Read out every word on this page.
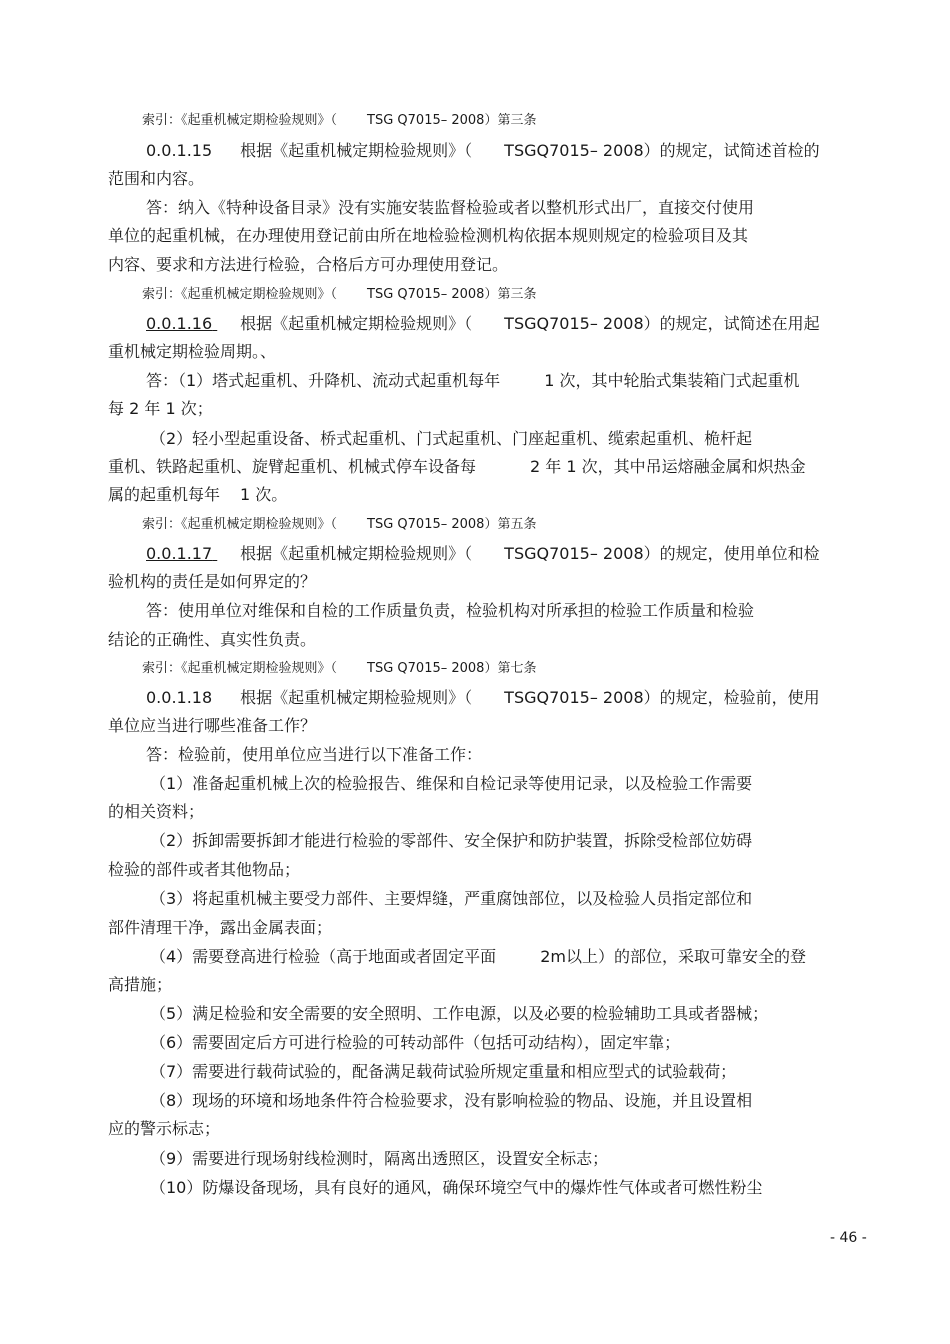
索引：《起重机械定期检验规则》（ TSG Q7015– 2008）第三条
0.0.1.15 根据《起重机械定期检验规则》（ TSGQ7015– 2008）的规定，试简述首检的
范围和内容。
答：纳入《特种设备目录》没有实施安装监督检验或者以整机形式出厂，直接交付使用
单位的起重机械，在办理使用登记前由所在地检验检测机构依据本规则规定的检验项目及其
内容、要求和方法进行检验，合格后方可办理使用登记。
索引：《起重机械定期检验规则》（ TSG Q7015– 2008）第三条
0.0.1.16 根据《起重机械定期检验规则》（ TSGQ7015– 2008）的规定，试简述在用起
重机械定期检验周期。、
答：（1）塔式起重机、升降机、流动式起重机每年	1 次，其中轮胎式集装箱门式起重机
每 2 年 1 次；
（2）轻小型起重设备、桥式起重机、门式起重机、门座起重机、缆索起重机、桅杆起
重机、铁路起重机、旋臂起重机、机械式停车设备每	2 年 1 次，其中吊运熔融金属和炽热金
属的起重机每年 1 次。
索引：《起重机械定期检验规则》（ TSG Q7015– 2008）第五条
0.0.1.17 根据《起重机械定期检验规则》（ TSGQ7015– 2008）的规定，使用单位和检
验机构的责任是如何界定的？
答：使用单位对维保和自检的工作质量负责，检验机构对所承担的检验工作质量和检验
结论的正确性、真实性负责。
索引：《起重机械定期检验规则》（ TSG Q7015– 2008）第七条
0.0.1.18 根据《起重机械定期检验规则》（ TSGQ7015– 2008）的规定，检验前，使用
单位应当进行哪些准备工作？
答：检验前，使用单位应当进行以下准备工作：
（1）准备起重机械上次的检验报告、维保和自检记录等使用记录，以及检验工作需要
的相关资料；
（2）拆卸需要拆卸才能进行检验的零部件、安全保护和防护装置，拆除受检部位妨碍
检验的部件或者其他物品；
（3）将起重机械主要受力部件、主要焊缝，严重腐蚀部位，以及检验人员指定部位和
部件清理干净，露出金属表面；
（4）需要登高进行检验（高于地面或者固定平面	2m以上）的部位，采取可靠安全的登
高措施；
（5）满足检验和安全需要的安全照明、工作电源，以及必要的检验辅助工具或者器械；
（6）需要固定后方可进行检验的可转动部件（包括可动结构），固定牢靠；
（7）需要进行载荷试验的，配备满足载荷试验所规定重量和相应型式的试验载荷；
（8）现场的环境和场地条件符合检验要求，没有影响检验的物品、设施，并且设置相
应的警示标志；
（9）需要进行现场射线检测时，隔离出透照区，设置安全标志；
（10）防爆设备现场，具有良好的通风，确保环境空气中的爆炸性气体或者可燃性粉尘
- 46 -
